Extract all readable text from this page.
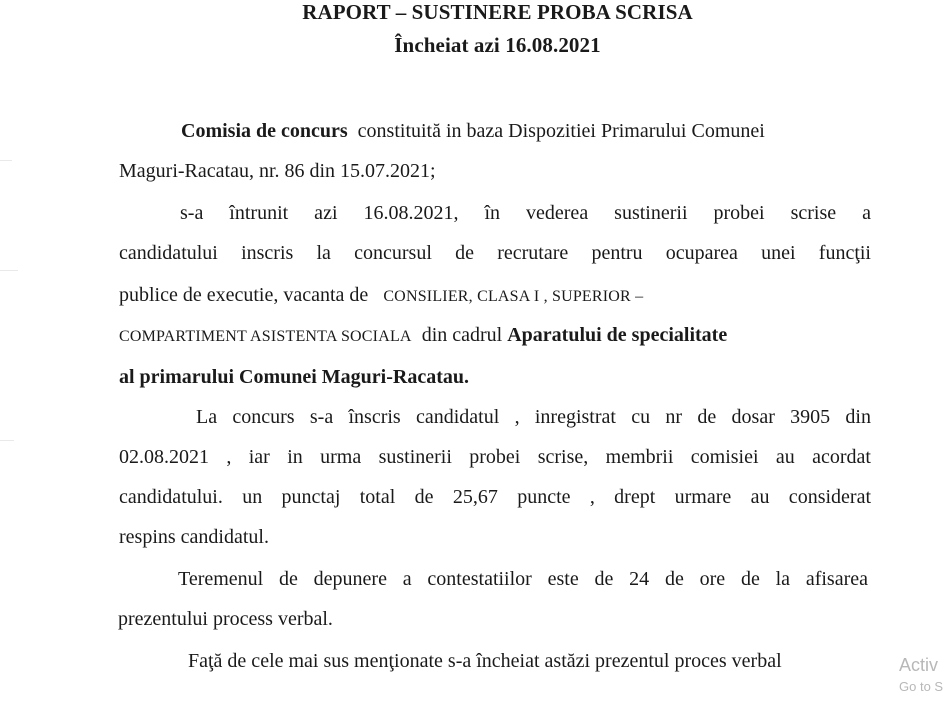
RAPORT – SUSTINERE PROBA SCRISA
Încheiat azi 16.08.2021
Comisia de concurs constituită in baza Dispozitiei Primarului Comunei
Maguri-Racatau, nr. 86 din 15.07.2021;
s-a întrunit azi 16.08.2021, în vederea sustinerii probei scrise a
candidatului inscris la concursul de recrutare pentru ocuparea unei funcţii
publice de executie, vacanta de CONSILIER, CLASA I , SUPERIOR –
COMPARTIMENT ASISTENTA SOCIALA din cadrul Aparatului de specialitate
al primarului Comunei Maguri-Racatau.
La concurs s-a înscris candidatul , inregistrat cu nr de dosar 3905 din
02.08.2021 , iar in urma sustinerii probei scrise, membrii comisiei au acordat
candidatului. un punctaj total de 25,67 puncte , drept urmare au considerat
respins candidatul.
Teremenul de depunere a contestatiilor este de 24 de ore de la afisarea
prezentului process verbal.
Faţă de cele mai sus menţionate s-a încheiat astăzi prezentul proces verbal	Activ
Go to S
